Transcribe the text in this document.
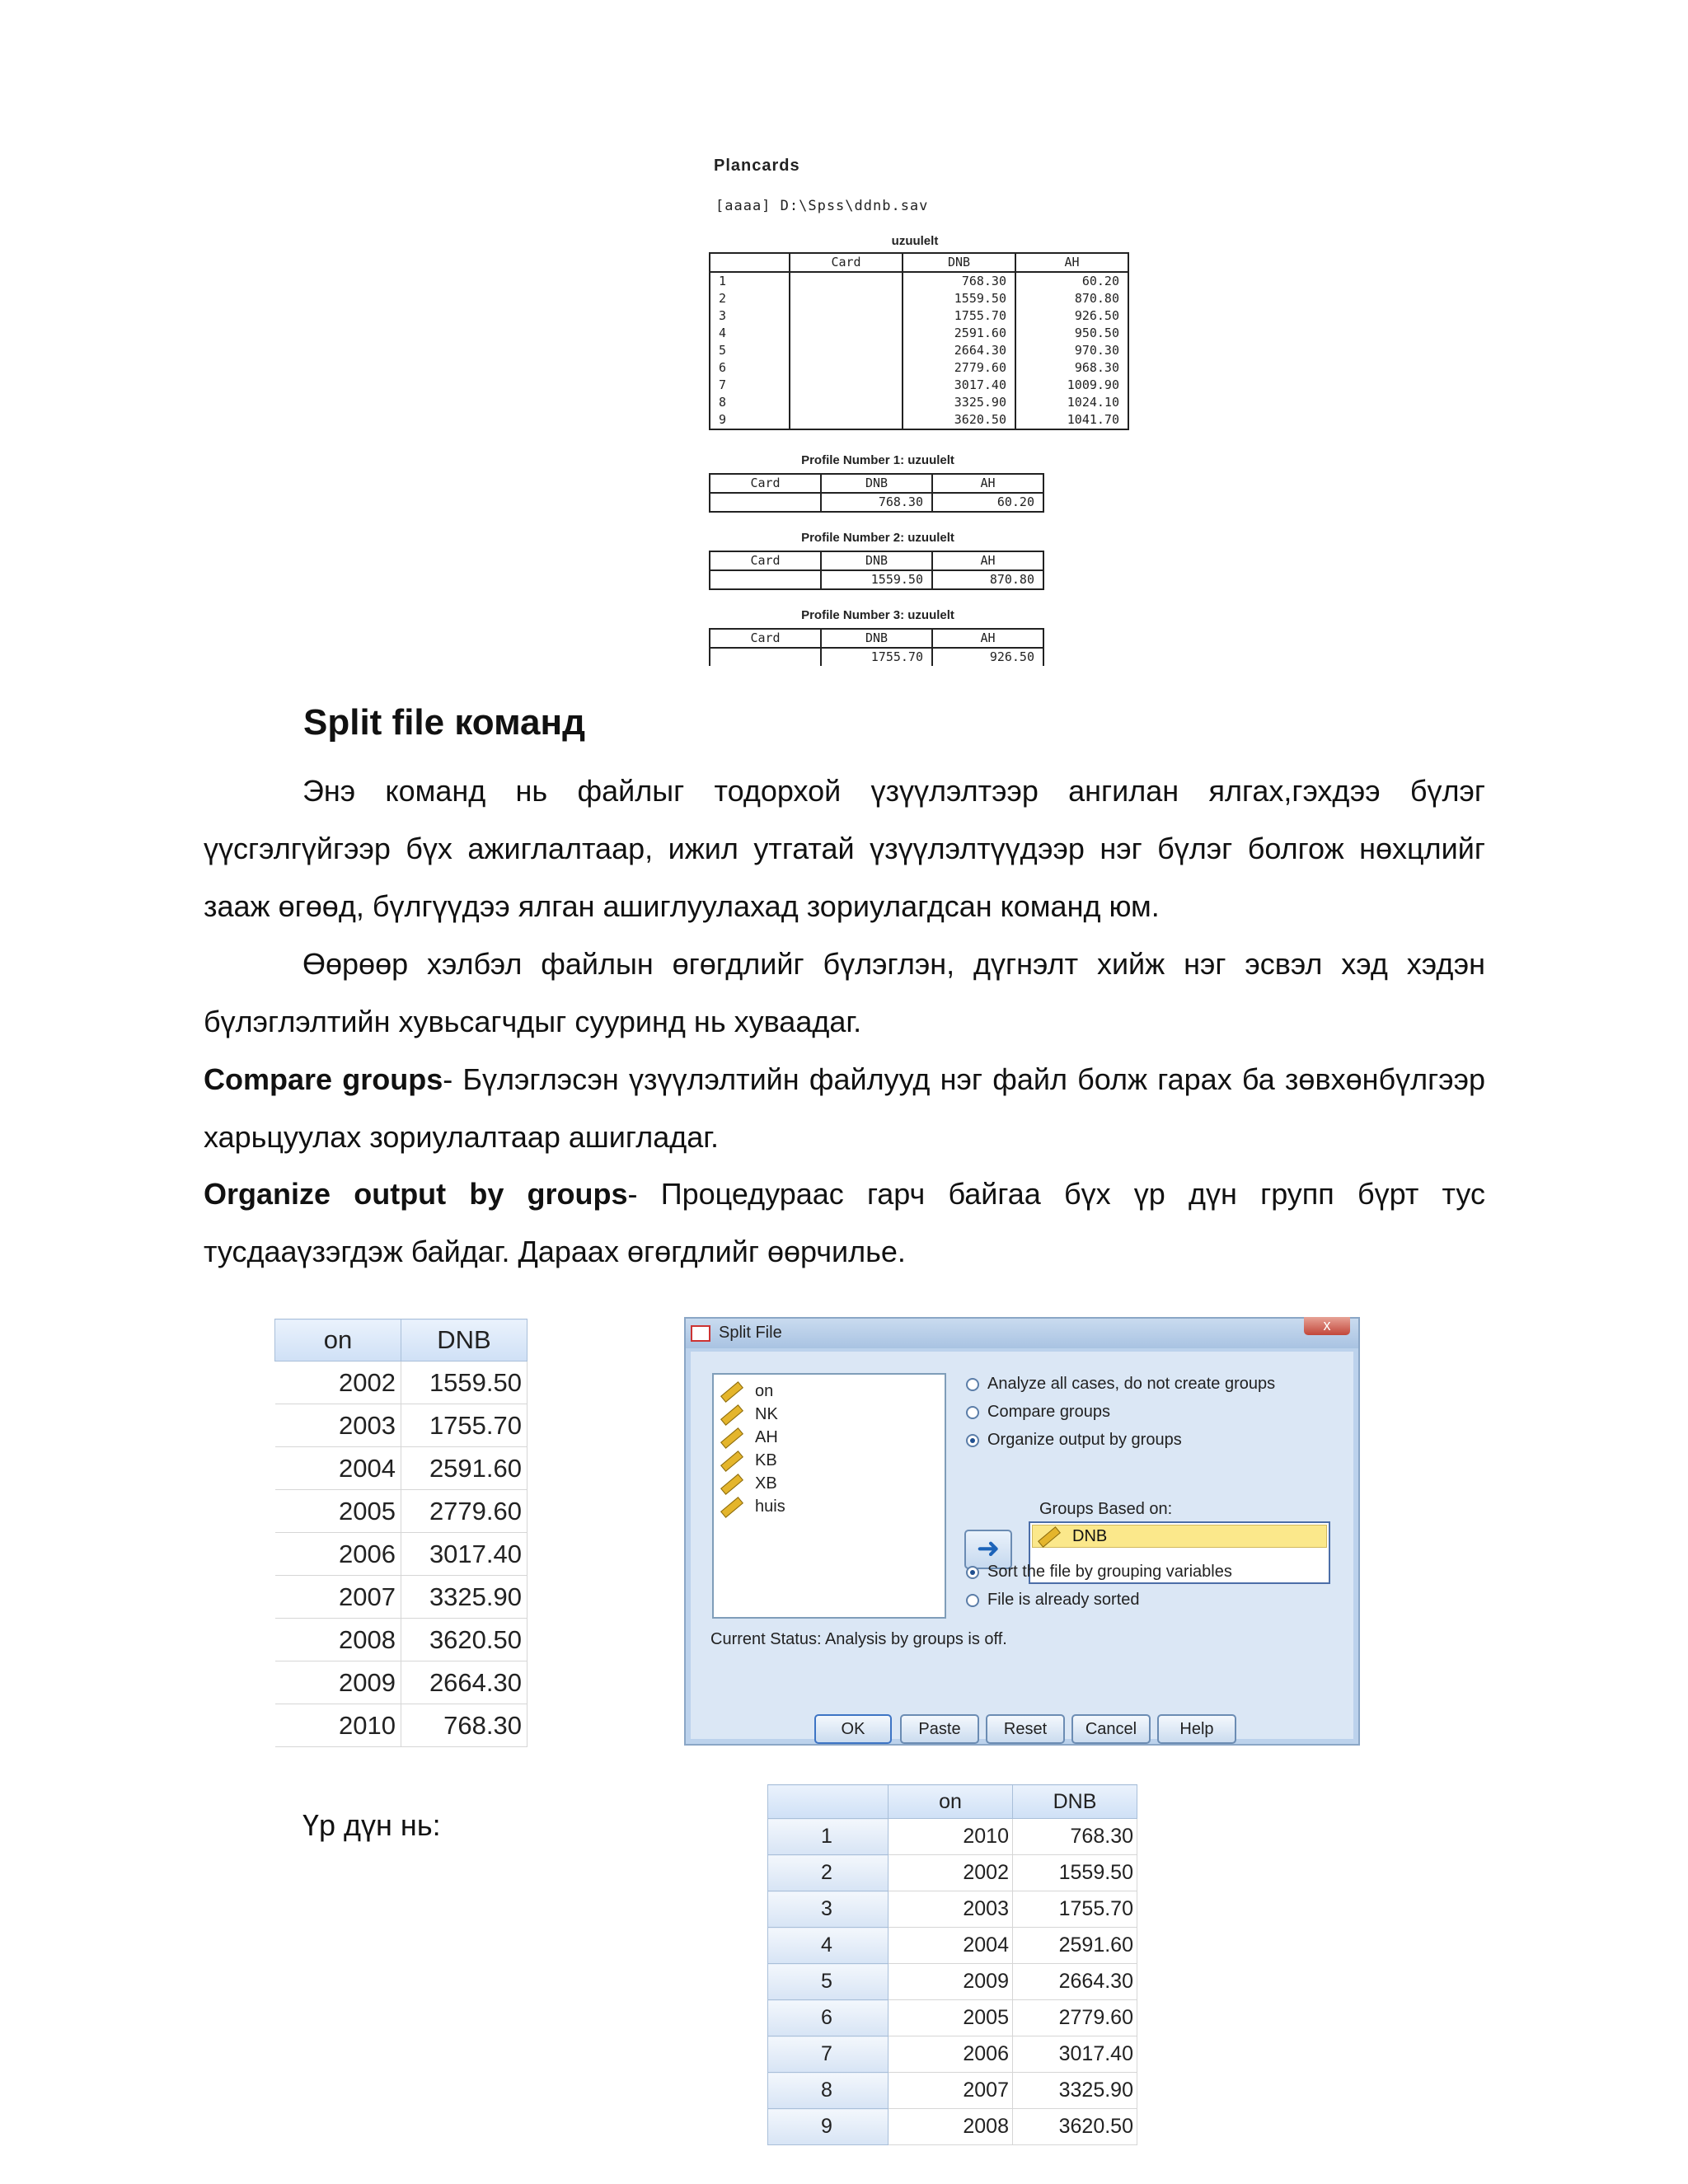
Plancards
[aaaa] D:\Spss\ddnb.sav
uzuulelt
	Card	DNB	AH
1		768.30	60.20
2		1559.50	870.80
3		1755.70	926.50
4		2591.60	950.50
5		2664.30	970.30
6		2779.60	968.30
7		3017.40	1009.90
8		3325.90	1024.10
9		3620.50	1041.70
Profile Number 1: uzuulelt
Card	DNB	AH
	768.30	60.20
Profile Number 2: uzuulelt
Card	DNB	AH
	1559.50	870.80
Profile Number 3: uzuulelt
Card	DNB	AH
	1755.70	926.50
Split file команд

Энэ команд нь файлыг тодорхой үзүүлэлтээр ангилан ялгах,гэхдээ бүлэг үүсгэлгүйгээр бүх ажиглалтаар, ижил утгатай үзүүлэлтүүдээр нэг бүлэг болгож нөхцлийг зааж өгөөд, бүлгүүдээ ялган ашиглуулахад зориулагдсан команд юм.

Өөрөөр хэлбэл файлын өгөгдлийг бүлэглэн, дүгнэлт хийж нэг эсвэл хэд хэдэн бүлэглэлтийн хувьсагчдыг сууринд нь хуваадаг.

Compare groups- Бүлэглэсэн үзүүлэлтийн файлууд нэг файл болж гарах ба зөвхөнбүлгээр харьцуулах зориулалтаар ашигладаг.

Organize output by groups- Процедураас гарч байгаа бүх үр дүн групп бүрт тус тусдааүзэгдэж байдаг. Дараах өгөгдлийг өөрчилье.

on	DNB
2002	1559.50
2003	1755.70
2004	2591.60
2005	2779.60
2006	3017.40
2007	3325.90
2008	3620.50
2009	2664.30
2010	768.30
Split File	x
on
NK
AH
KB
XB
huis
Analyze all cases, do not create groups
Compare groups
Organize output by groups
Groups Based on:
➜	DNB
Sort the file by grouping variables
File is already sorted
Current Status: Analysis by groups is off.
OK	Paste	Reset	Cancel	Help
Үр дүн нь:
	on	DNB
1	2010	768.30
2	2002	1559.50
3	2003	1755.70
4	2004	2591.60
5	2009	2664.30
6	2005	2779.60
7	2006	3017.40
8	2007	3325.90
9	2008	3620.50
